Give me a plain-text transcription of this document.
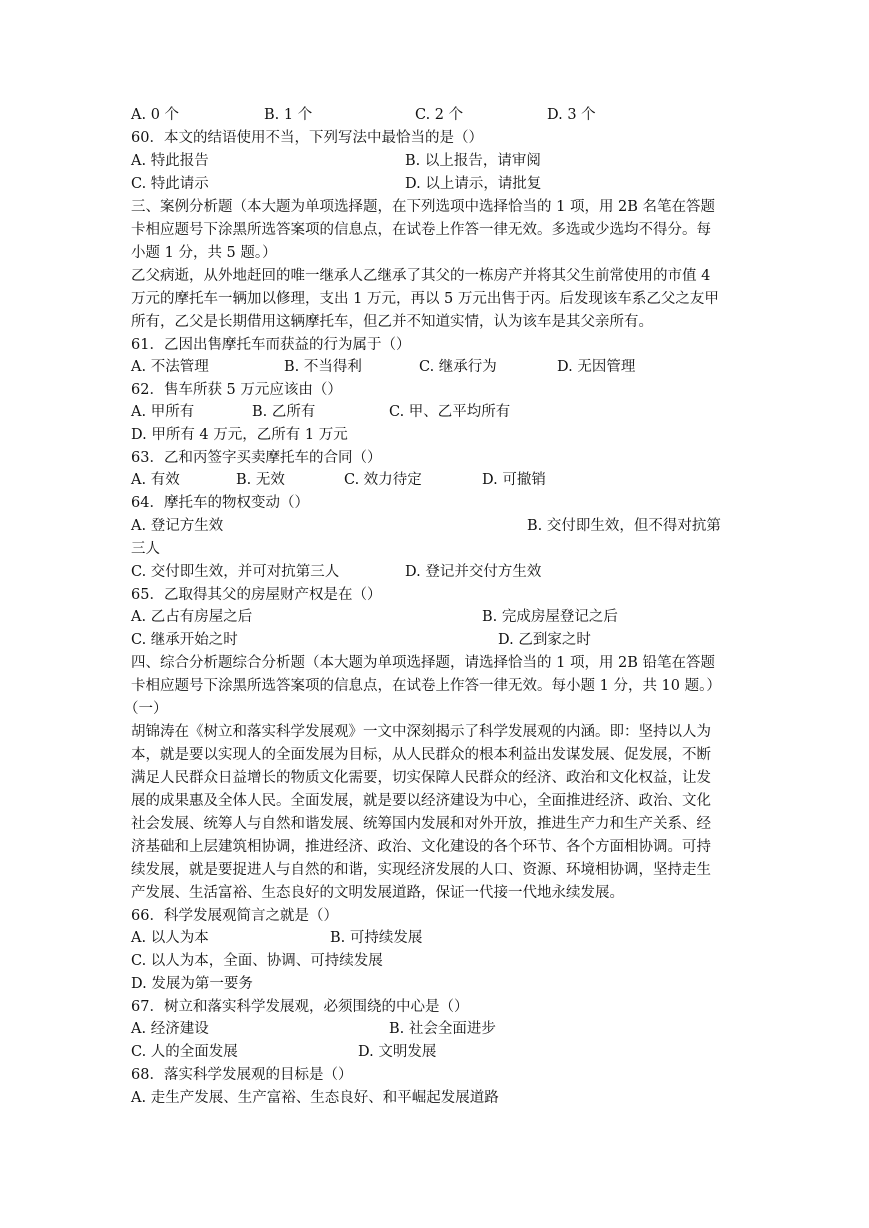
A. 0 个	B. 1 个	C. 2 个	D. 3 个
60．本文的结语使用不当，下列写法中最恰当的是（）
A. 特此报告	B. 以上报告，请审阅
C. 特此请示	D. 以上请示，请批复
三、案例分析题（本大题为单项选择题，在下列选项中选择恰当的 1 项，用 2B 名笔在答题
卡相应题号下涂黑所选答案项的信息点，在试卷上作答一律无效。多选或少选均不得分。每
小题 1 分，共 5 题。）
乙父病逝，从外地赶回的唯一继承人乙继承了其父的一栋房产并将其父生前常使用的市值 4
万元的摩托车一辆加以修理，支出 1 万元，再以 5 万元出售于丙。后发现该车系乙父之友甲
所有，乙父是长期借用这辆摩托车，但乙并不知道实情，认为该车是其父亲所有。
61．乙因出售摩托车而获益的行为属于（）
A. 不法管理	B. 不当得利	C. 继承行为	D. 无因管理
62．售车所获 5 万元应该由（）
A. 甲所有	B. 乙所有	C. 甲、乙平均所有
D. 甲所有 4 万元，乙所有 1 万元
63．乙和丙签字买卖摩托车的合同（）
A. 有效	B. 无效	C. 效力待定	D. 可撤销
64．摩托车的物权变动（）
A. 登记方生效	B. 交付即生效，但不得对抗第
三人
C. 交付即生效，并可对抗第三人	D. 登记并交付方生效
65．乙取得其父的房屋财产权是在（）
A. 乙占有房屋之后	B. 完成房屋登记之后
C. 继承开始之时	D. 乙到家之时
四、综合分析题综合分析题（本大题为单项选择题，请选择恰当的 1 项，用 2B 铅笔在答题
卡相应题号下涂黑所选答案项的信息点，在试卷上作答一律无效。每小题 1 分，共 10 题。）
（一）
胡锦涛在《树立和落实科学发展观》一文中深刻揭示了科学发展观的内涵。即：坚持以人为
本，就是要以实现人的全面发展为目标，从人民群众的根本利益出发谋发展、促发展，不断
满足人民群众日益增长的物质文化需要，切实保障人民群众的经济、政治和文化权益，让发
展的成果惠及全体人民。全面发展，就是要以经济建设为中心，全面推进经济、政治、文化
社会发展、统筹人与自然和谐发展、统筹国内发展和对外开放，推进生产力和生产关系、经
济基础和上层建筑相协调，推进经济、政治、文化建设的各个环节、各个方面相协调。可持
续发展，就是要捉进人与自然的和谐，实现经济发展的人口、资源、环境相协调，坚持走生
产发展、生活富裕、生态良好的文明发展道路，保证一代接一代地永续发展。
66．科学发展观简言之就是（）
A. 以人为本	B. 可持续发展
C. 以人为本，全面、协调、可持续发展
D. 发展为第一要务
67．树立和落实科学发展观，必须围绕的中心是（）
A. 经济建设	B. 社会全面进步
C. 人的全面发展	D. 文明发展
68．落实科学发展观的目标是（）
A. 走生产发展、生产富裕、生态良好、和平崛起发展道路
